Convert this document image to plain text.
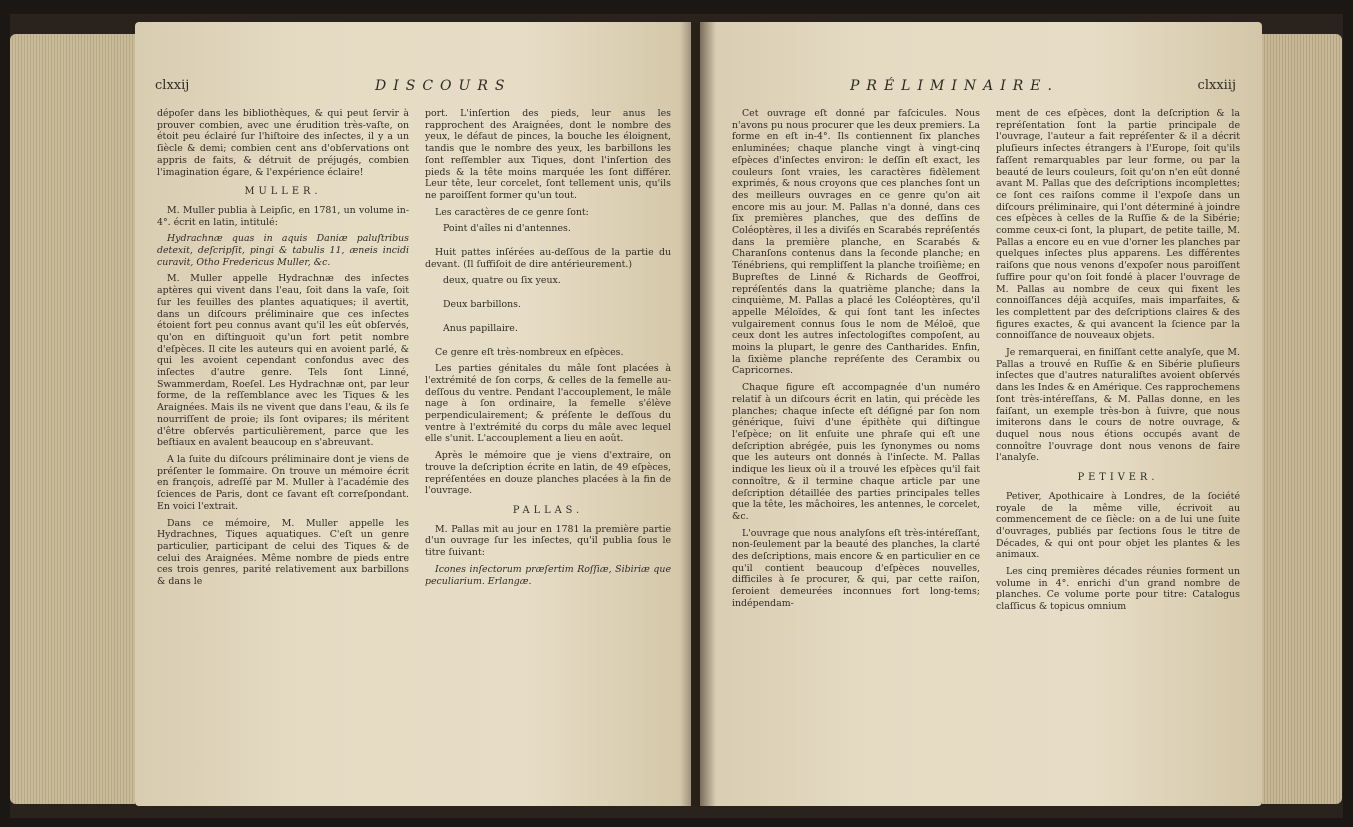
clxxij	DISCOURS

dépoſer dans les bibliothèques, & qui peut ſervir à prouver combien, avec une érudition très-vaſte, on étoit peu éclairé ſur l'hiſtoire des inſectes, il y a un ſiècle & demi; combien cent ans d'obſervations ont appris de faits, & détruit de préjugés, combien l'imagination égare, & l'expérience éclaire!

MULLER.

M. Muller publia à Leipſic, en 1781, un volume in-4°. écrit en latin, intitulé:

Hydrachnæ quas in aquis Daniæ paluſtribus detexit, deſcripſit, pingi & tabulis 11, æneis incidi curavit, Otho Fredericus Muller, &c.

M. Muller appelle Hydrachnæ des inſectes aptères qui vivent dans l'eau, ſoit dans la vaſe, ſoit ſur les feuilles des plantes aquatiques; il avertit, dans un diſcours préliminaire que ces inſectes étoient fort peu connus avant qu'il les eût obſervés, qu'on en diſtinguoit qu'un fort petit nombre d'eſpèces. Il cite les auteurs qui en avoient parlé, & qui les avoient cependant confondus avec des inſectes d'autre genre. Tels ſont Linné, Swammerdam, Roeſel. Les Hydrachnæ ont, par leur forme, de la reſſemblance avec les Tiques & les Araignées. Mais ils ne vivent que dans l'eau, & ils ſe nourriſſent de proie; ils ſont ovipares; ils méritent d'être obſervés particulièrement, parce que les beſtiaux en avalent beaucoup en s'abreuvant.

A la ſuite du diſcours préliminaire dont je viens de préſenter le ſommaire. On trouve un mémoire écrit en françois, adreſſé par M. Muller à l'académie des ſciences de Paris, dont ce ſavant eſt correſpondant. En voici l'extrait.

Dans ce mémoire, M. Muller appelle les Hydrachnes, Tiques aquatiques. C'eſt un genre particulier, participant de celui des Tiques & de celui des Araignées. Même nombre de pieds entre ces trois genres, parité relativement aux barbillons & dans le

port. L'inſertion des pieds, leur anus les rapprochent des Araignées, dont le nombre des yeux, le défaut de pinces, la bouche les éloignent, tandis que le nombre des yeux, les barbillons les ſont reſſembler aux Tiques, dont l'inſertion des pieds & la tête moins marquée les ſont différer. Leur tête, leur corcelet, ſont tellement unis, qu'ils ne paroiſſent former qu'un tout.

Les caractères de ce genre ſont:

Point d'aîles ni d'antennes.

Huit pattes inſérées au-deſſous de la partie du devant. (Il ſuffiſoit de dire antérieurement.)

deux, quatre ou ſix yeux.

Deux barbillons.

Anus papillaire.

Ce genre eſt très-nombreux en eſpèces.

Les parties génitales du mâle ſont placées à l'extrémité de ſon corps, & celles de la femelle au-deſſous du ventre. Pendant l'accouplement, le mâle nage à ſon ordinaire, la femelle s'élève perpendiculairement; & préſente le deſſous du ventre à l'extrémité du corps du mâle avec lequel elle s'unit. L'accouplement a lieu en août.

Après le mémoire que je viens d'extraire, on trouve la deſcription écrite en latin, de 49 eſpèces, repréſentées en douze planches placées à la fin de l'ouvrage.

PALLAS.

M. Pallas mit au jour en 1781 la première partie d'un ouvrage ſur les inſectes, qu'il publia ſous le titre ſuivant:

Icones inſectorum præſertim Roſſiæ, Sibiriæ que peculiarium. Erlangæ.

PRÉLIMINAIRE.	clxxiij

Cet ouvrage eſt donné par faſcicules. Nous n'avons pu nous procurer que les deux premiers. La forme en eſt in-4°. Ils contiennent ſix planches enluminées; chaque planche vingt à vingt-cinq eſpèces d'inſectes environ: le deſſin eſt exact, les couleurs ſont vraies, les caractères fidèlement exprimés, & nous croyons que ces planches ſont un des meilleurs ouvrages en ce genre qu'on ait encore mis au jour. M. Pallas n'a donné, dans ces ſix premières planches, que des deſſins de Coléoptères, il les a diviſés en Scarabés repréſentés dans la première planche, en Scarabés & Charanſons contenus dans la ſeconde planche; en Ténébriens, qui rempliſſent la planche troiſième; en Bupreſtes de Linné & Richards de Geoffroi, repréſentés dans la quatrième planche; dans la cinquième, M. Pallas a placé les Coléoptères, qu'il appelle Méloïdes, & qui ſont tant les inſectes vulgairement connus ſous le nom de Méloë, que ceux dont les autres inſectologiſtes compoſent, au moins la plupart, le genre des Cantharides. Enfin, la ſixième planche repréſente des Cerambix ou Capricornes.

Chaque figure eſt accompagnée d'un numéro relatif à un diſcours écrit en latin, qui précède les planches; chaque inſecte eſt déſigné par ſon nom générique, ſuivi d'une épithète qui diſtingue l'eſpèce; on lit enſuite une phraſe qui eſt une deſcription abrégée, puis les ſynonymes ou noms que les auteurs ont donnés à l'inſecte. M. Pallas indique les lieux où il a trouvé les eſpèces qu'il fait connoître, & il termine chaque article par une deſcription détaillée des parties principales telles que la tête, les mâchoires, les antennes, le corcelet, &c.

L'ouvrage que nous analyſons eſt très-intéreſſant, non-ſeulement par la beauté des planches, la clarté des deſcriptions, mais encore & en particulier en ce qu'il contient beaucoup d'eſpèces nouvelles, difficiles à ſe procurer, & qui, par cette raiſon, ſeroient demeurées inconnues fort long-tems; indépendam-

ment de ces eſpèces, dont la deſcription & la repréſentation ſont la partie principale de l'ouvrage, l'auteur a fait repréſenter & il a décrit pluſieurs inſectes étrangers à l'Europe, ſoit qu'ils faſſent remarquables par leur forme, ou par la beauté de leurs couleurs, ſoit qu'on n'en eût donné avant M. Pallas que des deſcriptions incomplettes; ce ſont ces raiſons comme il l'expoſe dans un diſcours préliminaire, qui l'ont déterminé à joindre ces eſpèces à celles de la Ruſſie & de la Sibérie; comme ceux-ci ſont, la plupart, de petite taille, M. Pallas a encore eu en vue d'orner les planches par quelques inſectes plus apparens. Les différentes raiſons que nous venons d'expoſer nous paroiſſent ſuffire pour qu'on ſoit fondé à placer l'ouvrage de M. Pallas au nombre de ceux qui fixent les connoiſſances déjà acquiſes, mais imparfaites, & les complettent par des deſcriptions claires & des figures exactes, & qui avancent la ſcience par la connoiſſance de nouveaux objets.

Je remarquerai, en finiſſant cette analyſe, que M. Pallas a trouvé en Ruſſie & en Sibérie pluſieurs inſectes que d'autres naturaliſtes avoient obſervés dans les Indes & en Amérique. Ces rapprochemens ſont très-intéreſſans, & M. Pallas donne, en les faiſant, un exemple très-bon à ſuivre, que nous imiterons dans le cours de notre ouvrage, & duquel nous nous étions occupés avant de connoître l'ouvrage dont nous venons de faire l'analyſe.

PETIVER.

Petiver, Apothicaire à Londres, de la ſociété royale de la même ville, écrivoit au commencement de ce ſiècle: on a de lui une ſuite d'ouvrages, publiés par ſections ſous le titre de Décades, & qui ont pour objet les plantes & les animaux.

Les cinq premières décades réunies forment un volume in 4°. enrichi d'un grand nombre de planches. Ce volume porte pour titre: Catalogus claſſicus & topicus omnium
